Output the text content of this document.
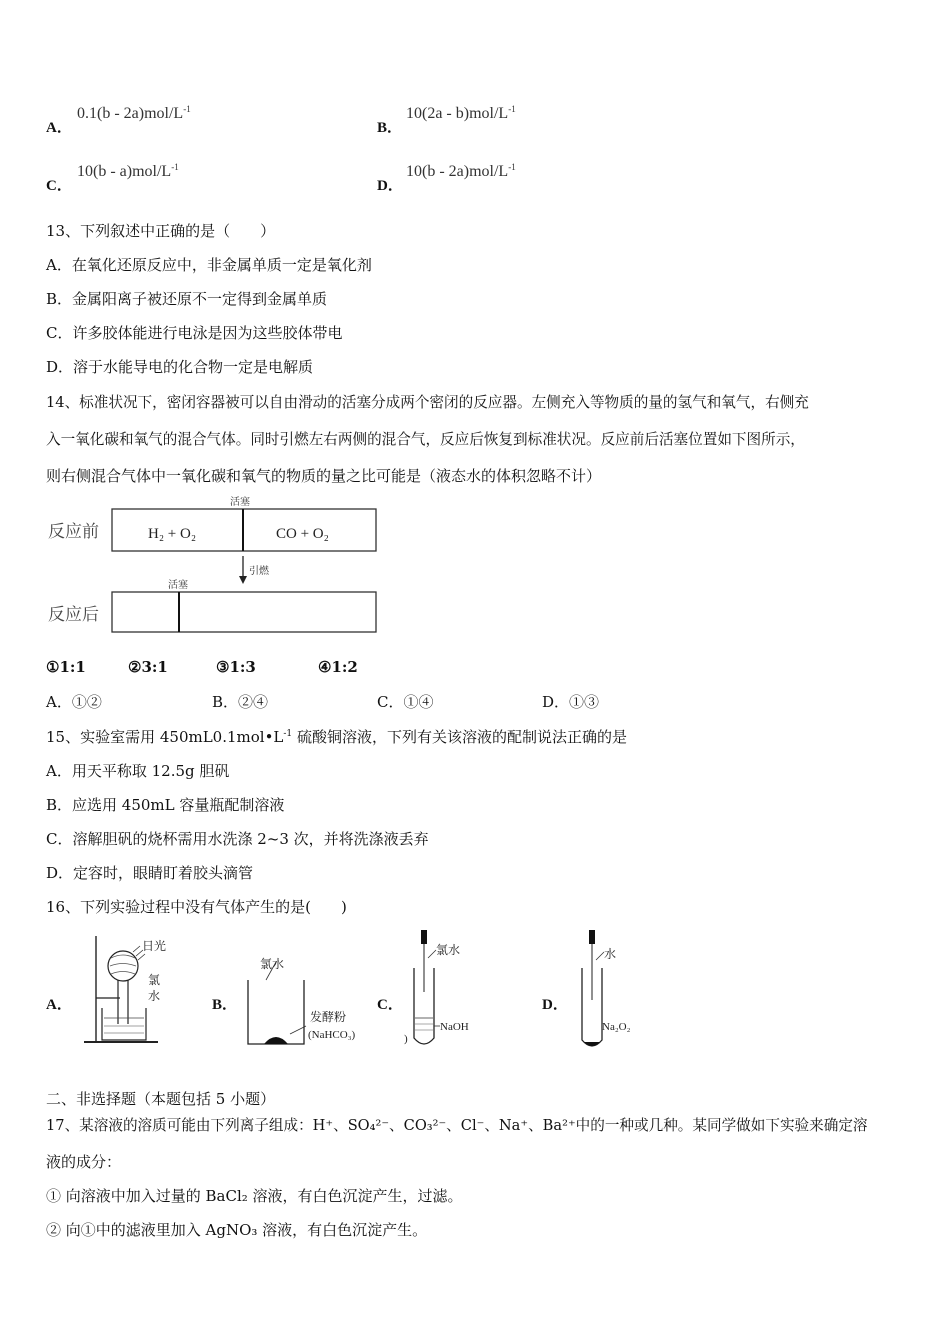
A．
$0.1(b - 2a)mol/L^{-1}$
B．
$10(2a - b)mol/L^{-1}$
C．
$10(b - a)mol/L^{-1}$
D．
$10(b - 2a)mol/L^{-1}$
13、下列叙述中正确的是（　　）
A．在氧化还原反应中，非金属单质一定是氧化剂
B．金属阳离子被还原不一定得到金属单质
C．许多胶体能进行电泳是因为这些胶体带电
D．溶于水能导电的化合物一定是电解质
14、标准状况下，密闭容器被可以自由滑动的活塞分成两个密闭的反应器。左侧充入等物质的量的氢气和氧气，右侧充
入一氧化碳和氧气的混合气体。同时引燃左右两侧的混合气，反应后恢复到标准状况。反应前后活塞位置如下图所示，
则右侧混合气体中一氧化碳和氧气的物质的量之比可能是（液态水的体积忽略不计）
反应前
活塞
H₂ + O₂	CO + O₂
引燃
活塞
反应后
①1:1	②3:1	③1:3	④1:2
A．①②	B．②④	C．①④	D．①③
15、实验室需用 $450mL0.1mol•L^{-1}$ 硫酸铜溶液，下列有关该溶液的配制说法正确的是
A．用天平称取 12.5g 胆矾
B．应选用 450mL 容量瓶配制溶液
C．溶解胆矾的烧杯需用水洗涤 2~3 次，并将洗涤液丢弃
D．定容时，眼睛盯着胶头滴管
16、下列实验过程中没有气体产生的是(　　)
A．
日光
氯
水
B．
氯水
发酵粉
(NaHCO₃)
C．
)
氯水
NaOH
D．
水
Na₂O₂
二、非选择题（本题包括 5 小题）
17、某溶液的溶质可能由下列离子组成：H⁺、SO₄²⁻、CO₃²⁻、Cl⁻、Na⁺、Ba²⁺中的一种或几种。某同学做如下实验来确定溶
液的成分：
① 向溶液中加入过量的 BaCl₂ 溶液，有白色沉淀产生，过滤。
② 向①中的滤液里加入 AgNO₃ 溶液，有白色沉淀产生。
